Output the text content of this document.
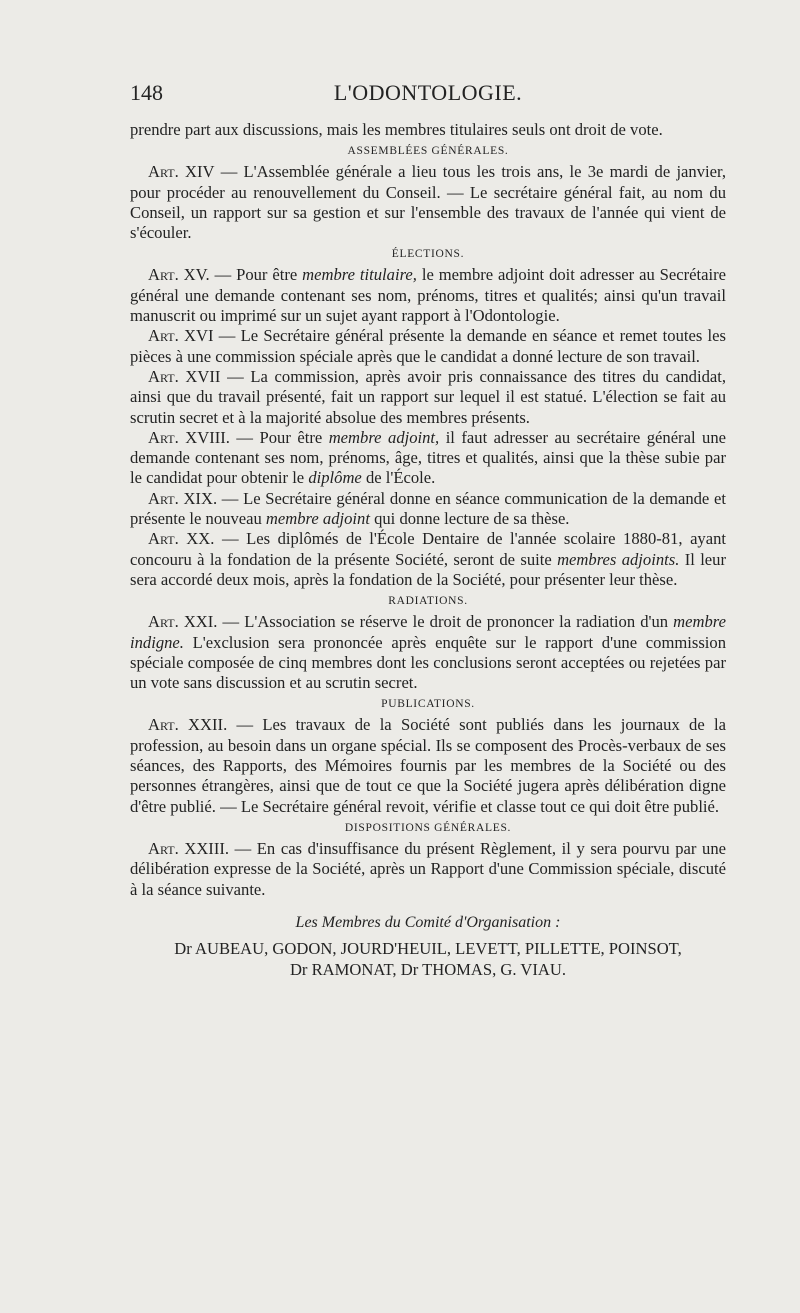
148	L'ODONTOLOGIE.

prendre part aux discussions, mais les membres titulaires seuls ont droit de vote.

ASSEMBLÉES GÉNÉRALES.

Art. XIV — L'Assemblée générale a lieu tous les trois ans, le 3e mardi de janvier, pour procéder au renouvellement du Conseil. — Le secrétaire général fait, au nom du Conseil, un rapport sur sa gestion et sur l'ensemble des travaux de l'année qui vient de s'écouler.

ÉLECTIONS.

Art. XV. — Pour être membre titulaire, le membre adjoint doit adresser au Secrétaire général une demande contenant ses nom, prénoms, titres et qualités; ainsi qu'un travail manuscrit ou imprimé sur un sujet ayant rapport à l'Odontologie.

Art. XVI — Le Secrétaire général présente la demande en séance et remet toutes les pièces à une commission spéciale après que le candidat a donné lecture de son travail.

Art. XVII — La commission, après avoir pris connaissance des titres du candidat, ainsi que du travail présenté, fait un rapport sur lequel il est statué. L'élection se fait au scrutin secret et à la majorité absolue des membres présents.

Art. XVIII. — Pour être membre adjoint, il faut adresser au secrétaire général une demande contenant ses nom, prénoms, âge, titres et qualités, ainsi que la thèse subie par le candidat pour obtenir le diplôme de l'École.

Art. XIX. — Le Secrétaire général donne en séance communication de la demande et présente le nouveau membre adjoint qui donne lecture de sa thèse.

Art. XX. — Les diplômés de l'École Dentaire de l'année scolaire 1880-81, ayant concouru à la fondation de la présente Société, seront de suite membres adjoints. Il leur sera accordé deux mois, après la fondation de la Société, pour présenter leur thèse.

RADIATIONS.

Art. XXI. — L'Association se réserve le droit de prononcer la radiation d'un membre indigne. L'exclusion sera prononcée après enquête sur le rapport d'une commission spéciale composée de cinq membres dont les conclusions seront acceptées ou rejetées par un vote sans discussion et au scrutin secret.

PUBLICATIONS.

Art. XXII. — Les travaux de la Société sont publiés dans les journaux de la profession, au besoin dans un organe spécial. Ils se composent des Procès-verbaux de ses séances, des Rapports, des Mémoires fournis par les membres de la Société ou des personnes étrangères, ainsi que de tout ce que la Société jugera après délibération digne d'être publié. — Le Secrétaire général revoit, vérifie et classe tout ce qui doit être publié.

DISPOSITIONS GÉNÉRALES.

Art. XXIII. — En cas d'insuffisance du présent Règlement, il y sera pourvu par une délibération expresse de la Société, après un Rapport d'une Commission spéciale, discuté à la séance suivante.

Les Membres du Comité d'Organisation :
Dr AUBEAU, GODON, JOURD'HEUIL, LEVETT, PILLETTE, POINSOT,
Dr RAMONAT, Dr THOMAS, G. VIAU.
